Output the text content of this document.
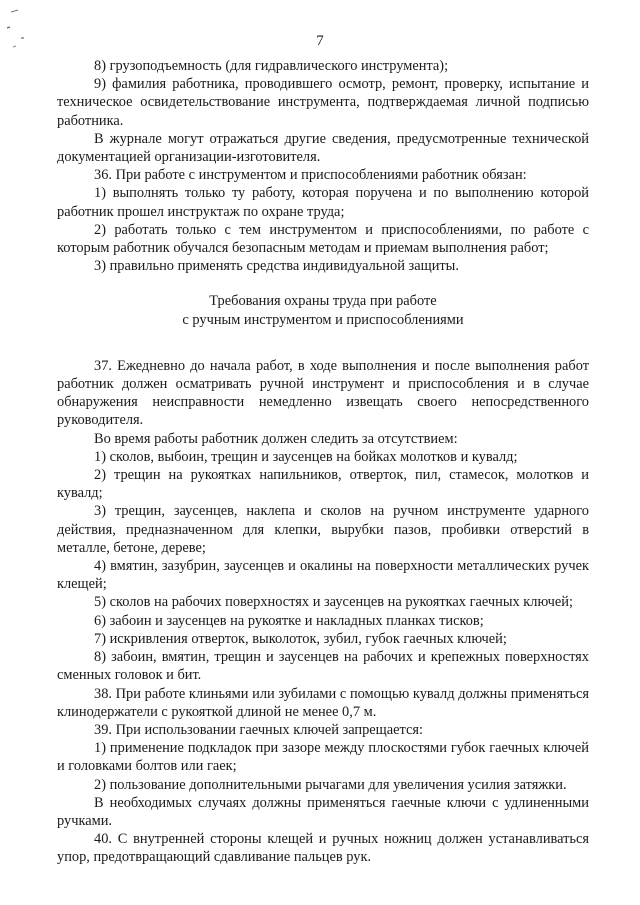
7

8) грузоподъемность (для гидравлического инструмента);

9) фамилия работника, проводившего осмотр, ремонт, проверку, испытание и техническое освидетельствование инструмента, подтверждаемая личной подписью работника.

В журнале могут отражаться другие сведения, предусмотренные технической документацией организации-изготовителя.

36. При работе с инструментом и приспособлениями работник обязан:

1) выполнять только ту работу, которая поручена и по выполнению которой работник прошел инструктаж по охране труда;

2) работать только с тем инструментом и приспособлениями, по работе с которым работник обучался безопасным методам и приемам выполнения работ;

3) правильно применять средства индивидуальной защиты.

Требования охраны труда при работе

с ручным инструментом и приспособлениями

37. Ежедневно до начала работ, в ходе выполнения и после выполнения работ работник должен осматривать ручной инструмент и приспособления и в случае обнаружения неисправности немедленно извещать своего непосредственного руководителя.

Во время работы работник должен следить за отсутствием:

1) сколов, выбоин, трещин и заусенцев на бойках молотков и кувалд;

2) трещин на рукоятках напильников, отверток, пил, стамесок, молотков и кувалд;

3) трещин, заусенцев, наклепа и сколов на ручном инструменте ударного действия, предназначенном для клепки, вырубки пазов, пробивки отверстий в металле, бетоне, дереве;

4) вмятин, зазубрин, заусенцев и окалины на поверхности металлических ручек клещей;

5) сколов на рабочих поверхностях и заусенцев на рукоятках гаечных ключей;

6) забоин и заусенцев на рукоятке и накладных планках тисков;

7) искривления отверток, выколоток, зубил, губок гаечных ключей;

8) забоин, вмятин, трещин и заусенцев на рабочих и крепежных поверхностях сменных головок и бит.

38. При работе клиньями или зубилами с помощью кувалд должны применяться клинодержатели с рукояткой длиной не менее 0,7 м.

39. При использовании гаечных ключей запрещается:

1) применение подкладок при зазоре между плоскостями губок гаечных ключей и головками болтов или гаек;

2) пользование дополнительными рычагами для увеличения усилия затяжки.

В необходимых случаях должны применяться гаечные ключи с удлиненными ручками.

40. С внутренней стороны клещей и ручных ножниц должен устанавливаться упор, предотвращающий сдавливание пальцев рук.
